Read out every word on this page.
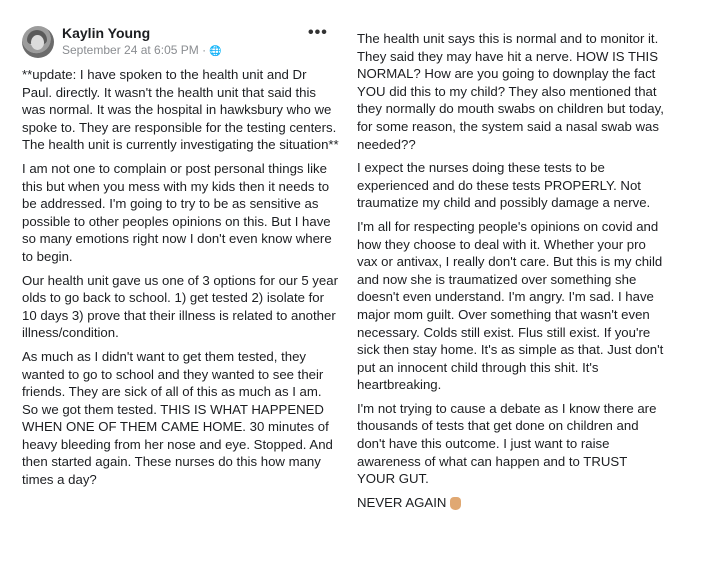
Kaylin Young
September 24 at 6:05 PM · 🌐
•••

**update: I have spoken to the health unit and Dr Paul. directly. It wasn't the health unit that said this was normal. It was the hospital in hawksbury who we spoke to. They are responsible for the testing centers. The health unit is currently investigating the situation**

I am not one to complain or post personal things like this but when you mess with my kids then it needs to be addressed. I'm going to try to be as sensitive as possible to other peoples opinions on this. But I have so many emotions right now I don't even know where to begin.

Our health unit gave us one of 3 options for our 5 year olds to go back to school. 1) get tested 2) isolate for 10 days 3) prove that their illness is related to another illness/condition.

As much as I didn't want to get them tested, they wanted to go to school and they wanted to see their friends. They are sick of all of this as much as I am. So we got them tested. THIS IS WHAT HAPPENED WHEN ONE OF THEM CAME HOME. 30 minutes of heavy bleeding from her nose and eye. Stopped. And then started again. These nurses do this how many times a day?

The health unit says this is normal and to monitor it. They said they may have hit a nerve. HOW IS THIS NORMAL? How are you going to downplay the fact YOU did this to my child? They also mentioned that they normally do mouth swabs on children but today, for some reason, the system said a nasal swab was needed??

I expect the nurses doing these tests to be experienced and do these tests PROPERLY. Not traumatize my child and possibly damage a nerve.

I'm all for respecting people's opinions on covid and how they choose to deal with it. Whether your pro vax or antivax, I really don't care. But this is my child and now she is traumatized over something she doesn't even understand. I'm angry. I'm sad. I have major mom guilt. Over something that wasn't even necessary. Colds still exist. Flus still exist. If you're sick then stay home. It's as simple as that. Just don't put an innocent child through this shit. It's heartbreaking.

I'm not trying to cause a debate as I know there are thousands of tests that get done on children and don't have this outcome. I just want to raise awareness of what can happen and to TRUST YOUR GUT.

NEVER AGAIN
